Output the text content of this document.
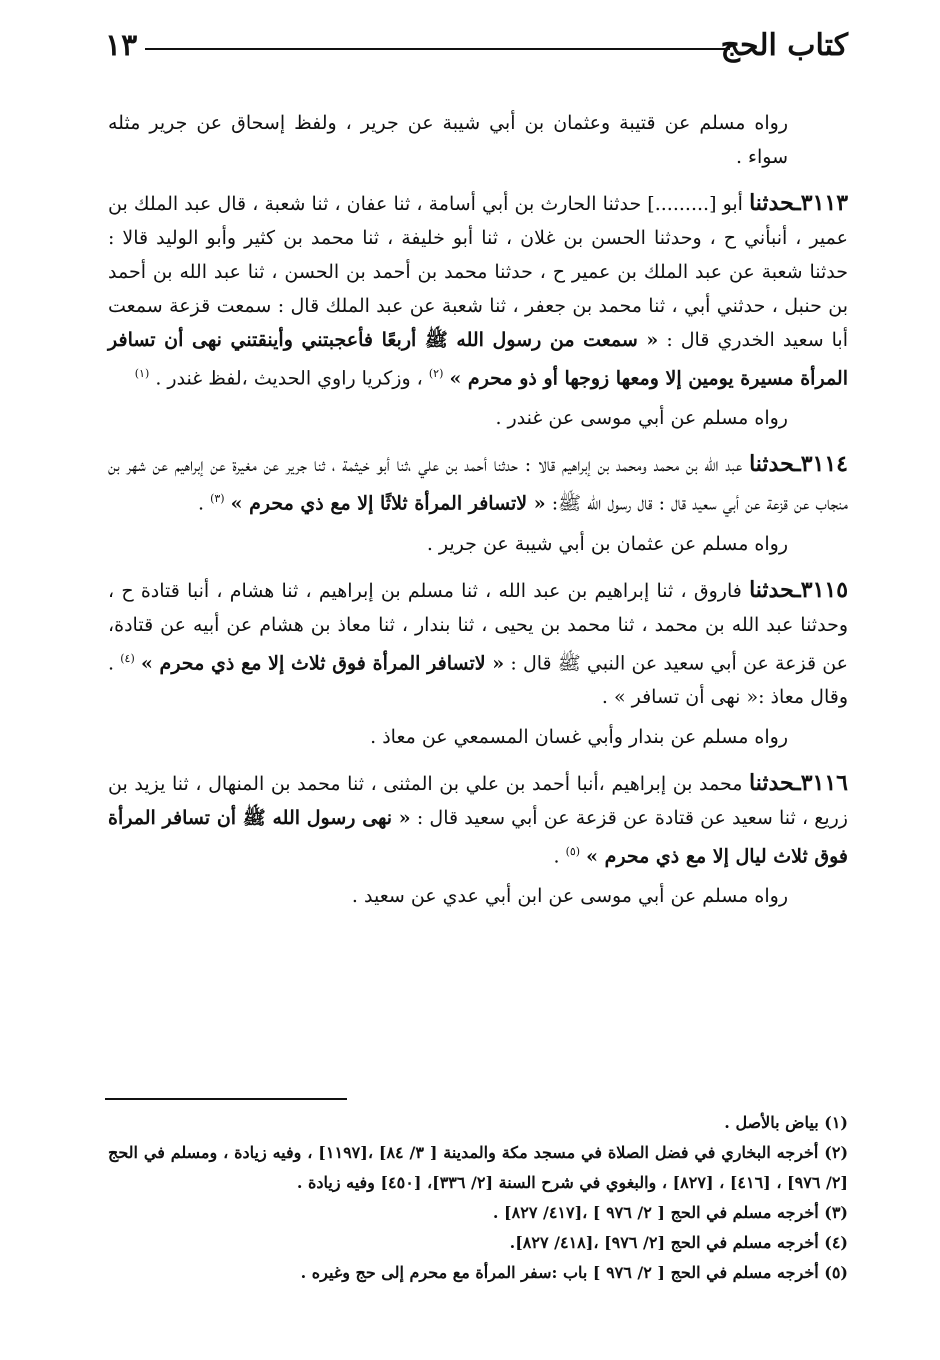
كتاب الحج
١٣

رواه مسلم عن قتيبة وعثمان بن أبي شيبة عن جرير ، ولفظ إسحاق عن جرير مثله سواء .

٣١١٣ـحدثنا أبو [.........] حدثنا الحارث بن أبي أسامة ، ثنا عفان ، ثنا شعبة ، قال عبد الملك بن عمير ، أنبأني ح ، وحدثنا الحسن بن غلان ، ثنا أبو خليفة ، ثنا محمد بن كثير وأبو الوليد قالا : حدثنا شعبة عن عبد الملك بن عمير ح ، حدثنا محمد بن أحمد بن الحسن ، ثنا عبد الله بن أحمد بن حنبل ، حدثني أبي ، ثنا محمد بن جعفر ، ثنا شعبة عن عبد الملك قال : سمعت قزعة سمعت أبا سعيد الخدري قال : « سمعت من رسول الله ﷺ أربعًا فأعجبتني وأينقتني نهى أن تسافر المرأة مسيرة يومين إلا ومعها زوجها أو ذو محرم » $^{(٢)}$ ، وزكريا راوي الحديث ،لفظ غندر . $^{(١)}$

رواه مسلم عن أبي موسى عن غندر .

٣١١٤ـحدثنا عبد الله بن محمد ومحمد بن إبراهيم قالا : حدثنا أحمد بن علي ،ثنا أبو خيثمة ، ثنا جرير عن مغيرة عن إبراهيم عن شهر بن منجاب عن قزعة عن أبي سعيد قال : قال رسول الله ﷺ: « لاتسافر المرأة ثلاثًا إلا مع ذي محرم » $^{(٣)}$ .

رواه مسلم عن عثمان بن أبي شيبة عن جرير .

٣١١٥ـحدثنا فاروق ، ثنا إبراهيم بن عبد الله ، ثنا مسلم بن إبراهيم ، ثنا هشام ، أنبا قتادة ح ، وحدثنا عبد الله بن محمد ، ثنا محمد بن يحيى ، ثنا بندار ، ثنا معاذ بن هشام عن أبيه عن قتادة، عن قزعة عن أبي سعيد عن النبي ﷺ قال : « لاتسافر المرأة فوق ثلاث إلا مع ذي محرم » $^{(٤)}$ . وقال معاذ :« نهى أن تسافر » .

رواه مسلم عن بندار وأبي غسان المسمعي عن معاذ .

٣١١٦ـحدثنا محمد بن إبراهيم ،أنبا أحمد بن علي بن المثنى ، ثنا محمد بن المنهال ، ثنا يزيد بن زريع ، ثنا سعيد عن قتادة عن قزعة عن أبي سعيد قال : « نهى رسول الله ﷺ أن تسافر المرأة فوق ثلاث ليال إلا مع ذي محرم » $^{(٥)}$ .

رواه مسلم عن أبي موسى عن ابن أبي عدي عن سعيد .

(١) بياض بالأصل .
(٢) أخرجه البخاري في فضل الصلاة في مسجد مكة والمدينة [ ٣/ ٨٤] ،[١١٩٧] ، وفيه زيادة ، ومسلم في الحج [٢/ ٩٧٦] ، [٤١٦] ، [٨٢٧] ، والبغوي في شرح السنة [٢/ ٣٣٦]، [٤٥٠] وفيه زيادة .
(٣) أخرجه مسلم في الحج [ ٢/ ٩٧٦ ] ،[٤١٧/ ٨٢٧] .
(٤) أخرجه مسلم في الحج [٢/ ٩٧٦] ،[٤١٨/ ٨٢٧].
(٥) أخرجه مسلم في الحج [ ٢/ ٩٧٦ ] باب :سفر المرأة مع محرم إلى حج وغيره .
